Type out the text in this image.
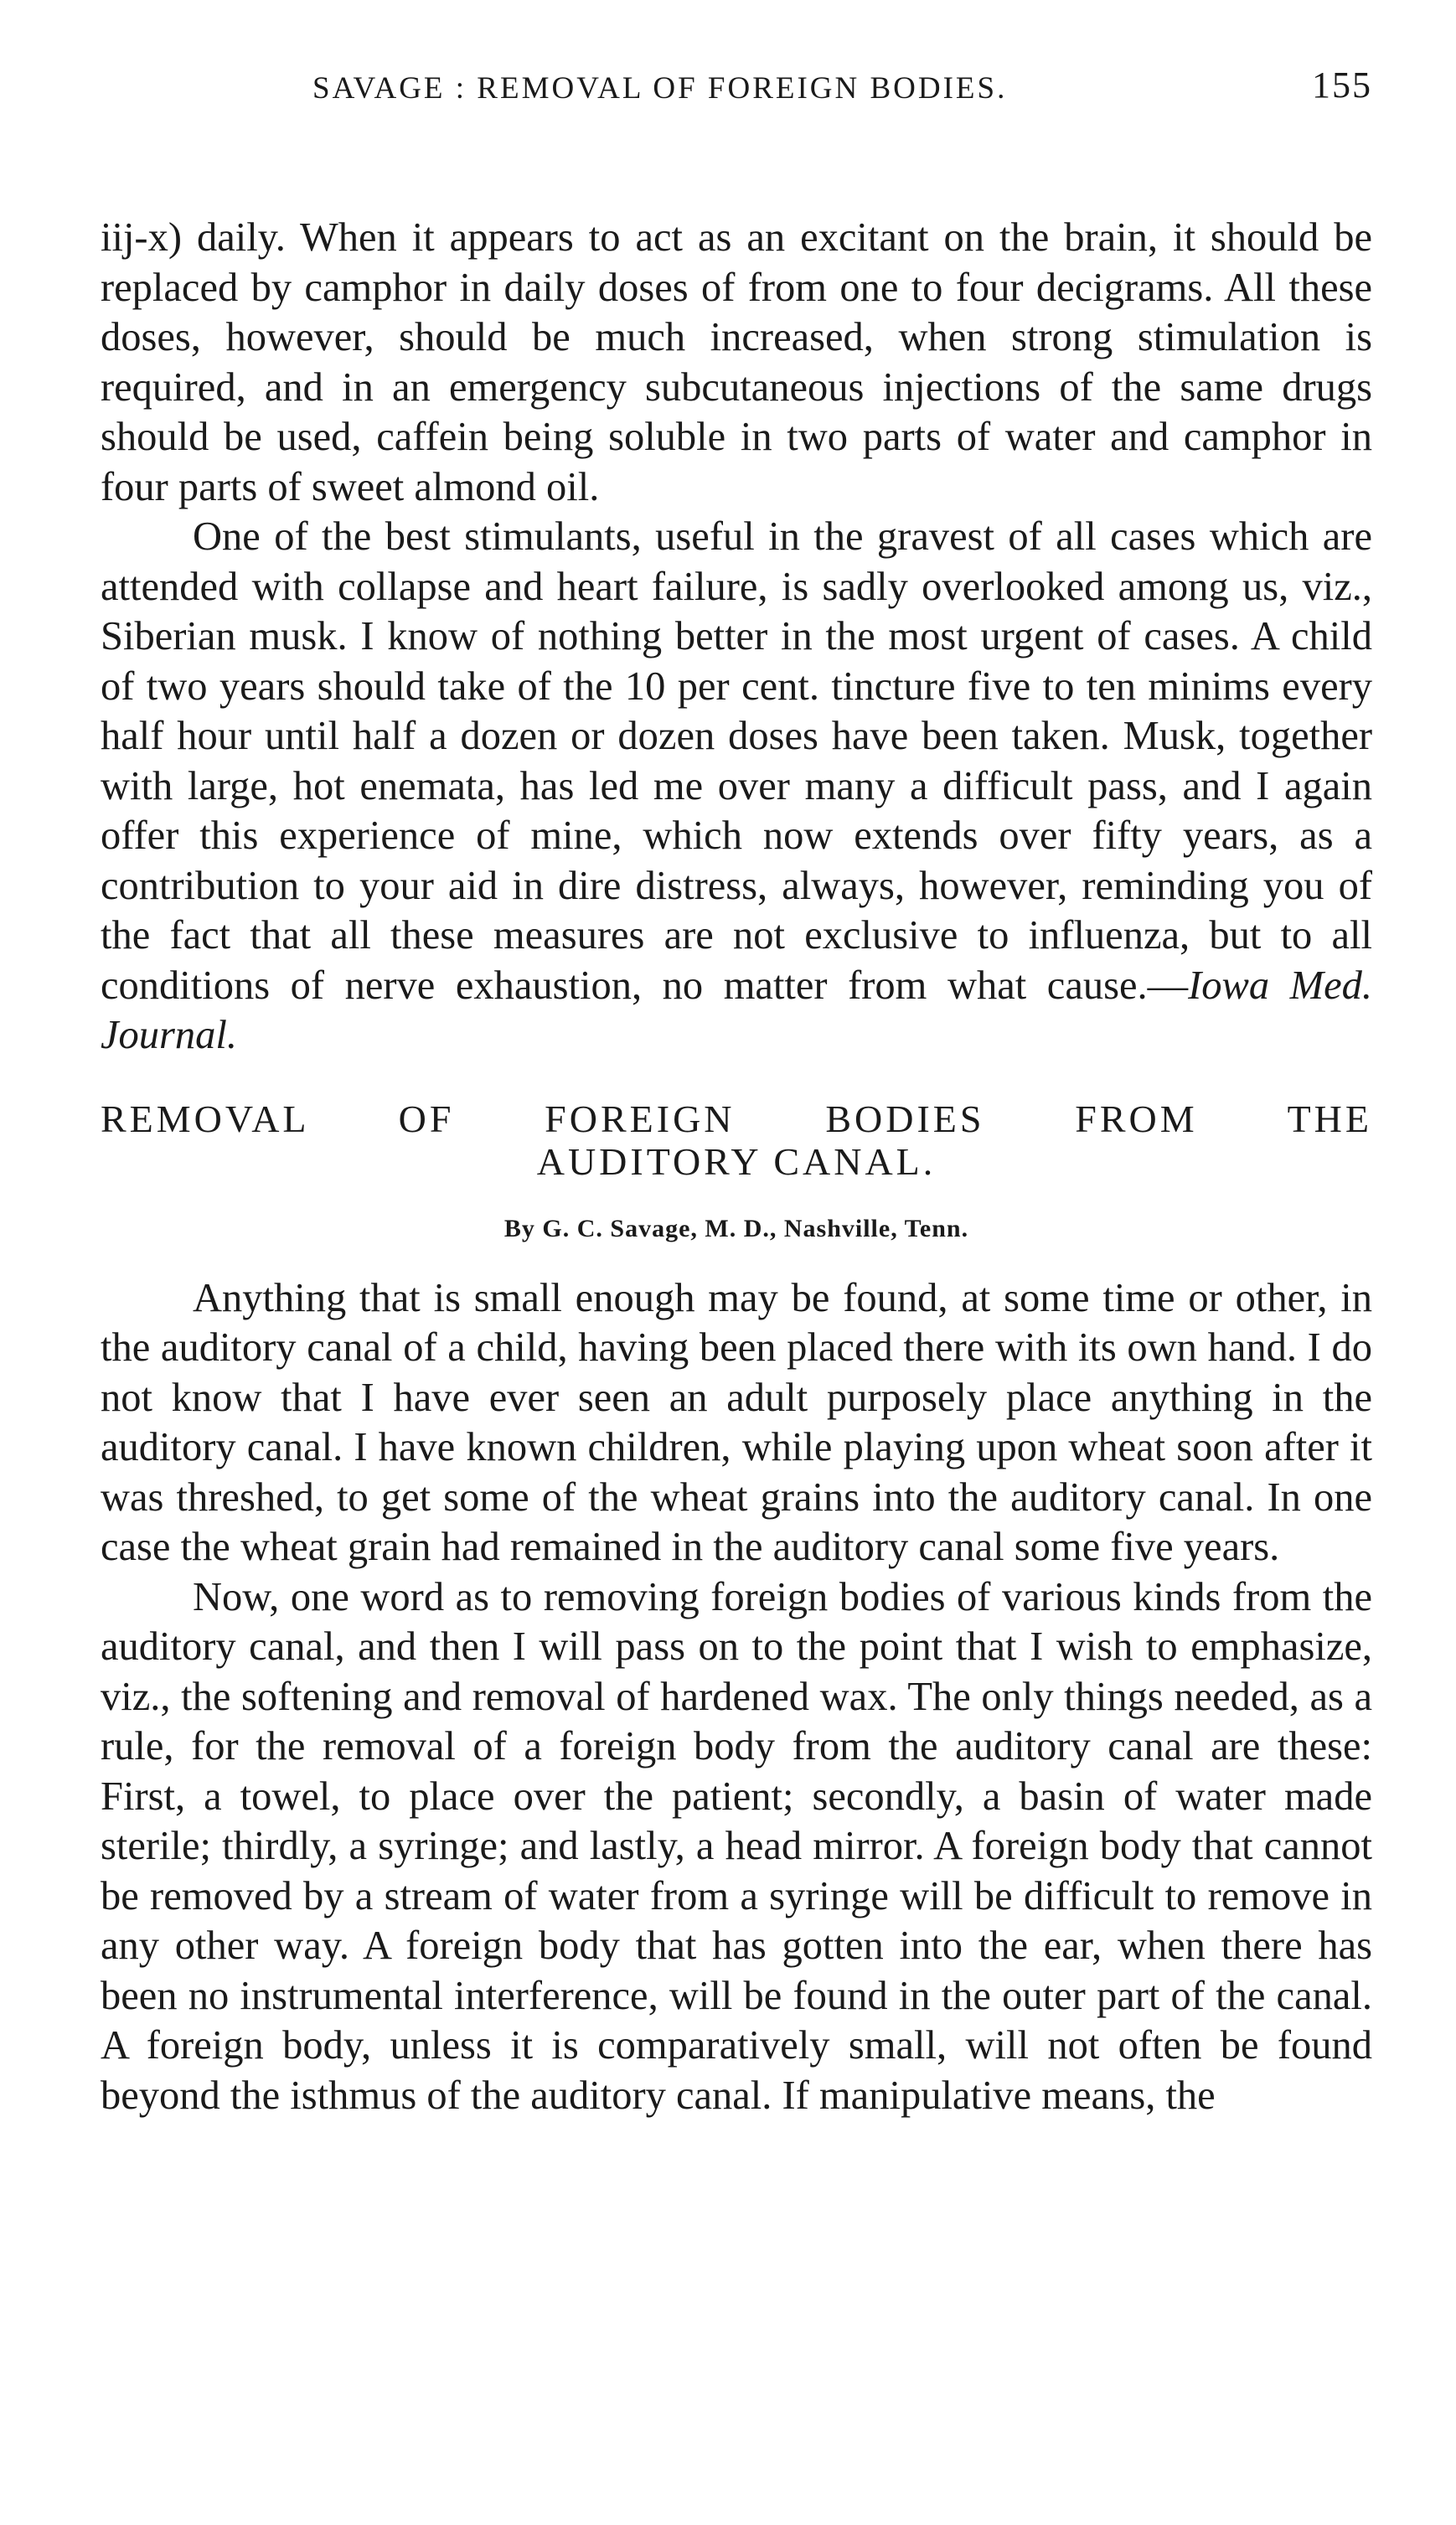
SAVAGE : REMOVAL OF FOREIGN BODIES.	155

iij-x) daily. When it appears to act as an excitant on the brain, it should be replaced by camphor in daily doses of from one to four decigrams. All these doses, however, should be much increased, when strong stimulation is required, and in an emergency subcutaneous injections of the same drugs should be used, caffein being soluble in two parts of water and camphor in four parts of sweet almond oil.

One of the best stimulants, useful in the gravest of all cases which are attended with collapse and heart failure, is sadly overlooked among us, viz., Siberian musk. I know of nothing better in the most urgent of cases. A child of two years should take of the 10 per cent. tincture five to ten minims every half hour until half a dozen or dozen doses have been taken. Musk, together with large, hot enemata, has led me over many a difficult pass, and I again offer this experience of mine, which now extends over fifty years, as a contribution to your aid in dire distress, always, however, reminding you of the fact that all these measures are not exclusive to influenza, but to all conditions of nerve exhaustion, no matter from what cause.—Iowa Med. Journal.

REMOVAL OF FOREIGN BODIES FROM THE
AUDITORY CANAL.
By G. C. Savage, M. D., Nashville, Tenn.

Anything that is small enough may be found, at some time or other, in the auditory canal of a child, having been placed there with its own hand. I do not know that I have ever seen an adult purposely place anything in the auditory canal. I have known children, while playing upon wheat soon after it was threshed, to get some of the wheat grains into the auditory canal. In one case the wheat grain had remained in the auditory canal some five years.

Now, one word as to removing foreign bodies of various kinds from the auditory canal, and then I will pass on to the point that I wish to emphasize, viz., the softening and removal of hardened wax. The only things needed, as a rule, for the removal of a foreign body from the auditory canal are these: First, a towel, to place over the patient; secondly, a basin of water made sterile; thirdly, a syringe; and lastly, a head mirror. A foreign body that cannot be removed by a stream of water from a syringe will be difficult to remove in any other way. A foreign body that has gotten into the ear, when there has been no instrumental interference, will be found in the outer part of the canal. A foreign body, unless it is comparatively small, will not often be found beyond the isthmus of the auditory canal. If manipulative means, the
